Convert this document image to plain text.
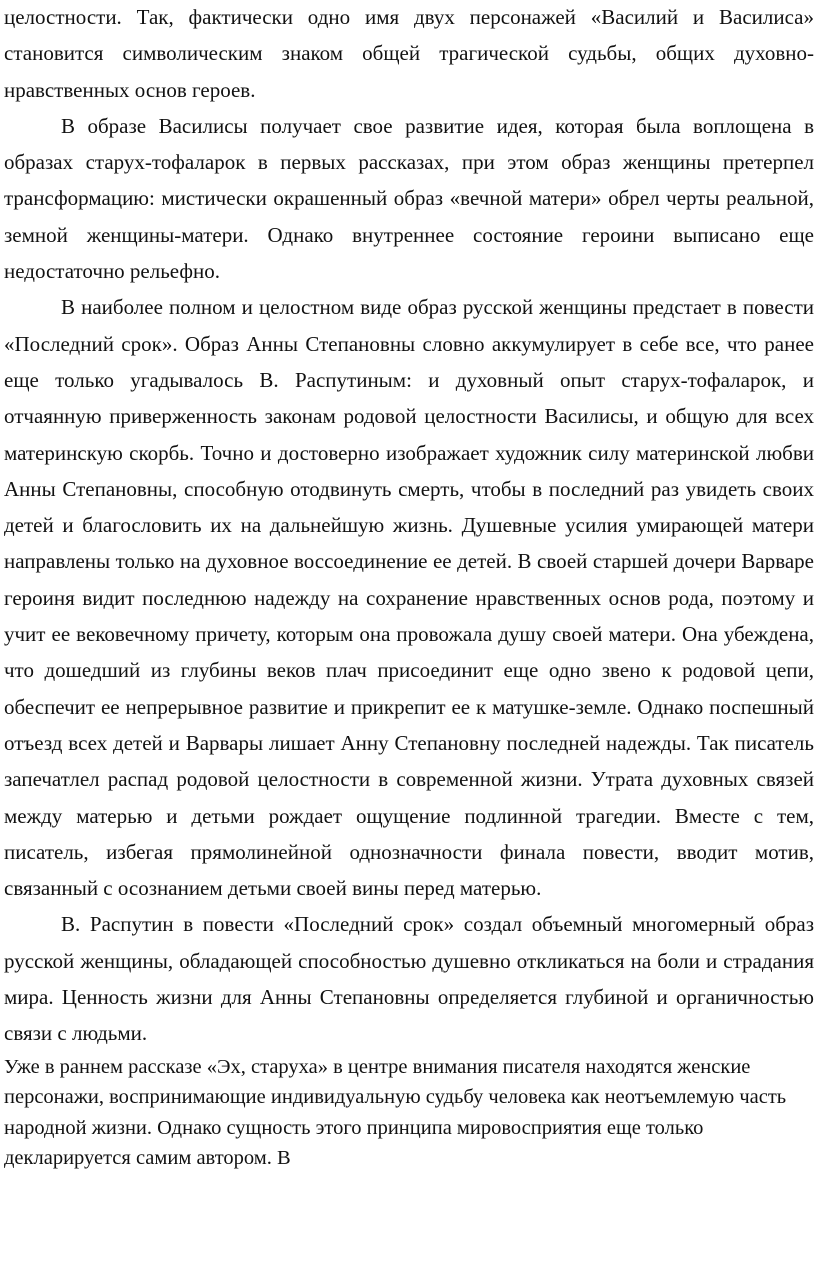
целостности. Так, фактически одно имя двух персонажей «Василий и Василиса» становится символическим знаком общей трагической судьбы, общих духовно-нравственных основ героев.

В образе Василисы получает свое развитие идея, которая была воплощена в образах старух-тофаларок в первых рассказах, при этом образ женщины претерпел трансформацию: мистически окрашенный образ «вечной матери» обрел черты реальной, земной женщины-матери. Однако внутреннее состояние героини выписано еще недостаточно рельефно.

В наиболее полном и целостном виде образ русской женщины предстает в повести «Последний срок». Образ Анны Степановны словно аккумулирует в себе все, что ранее еще только угадывалось В. Распутиным: и духовный опыт старух-тофаларок, и отчаянную приверженность законам родовой целостности Василисы, и общую для всех материнскую скорбь. Точно и достоверно изображает художник силу материнской любви Анны Степановны, способную отодвинуть смерть, чтобы в последний раз увидеть своих детей и благословить их на дальнейшую жизнь. Душевные усилия умирающей матери направлены только на духовное воссоединение ее детей. В своей старшей дочери Варваре героиня видит последнюю надежду на сохранение нравственных основ рода, поэтому и учит ее вековечному причету, которым она провожала душу своей матери. Она убеждена, что дошедший из глубины веков плач присоединит еще одно звено к родовой цепи, обеспечит ее непрерывное развитие и прикрепит ее к матушке-земле. Однако поспешный отъезд всех детей и Варвары лишает Анну Степановну последней надежды. Так писатель запечатлел распад родовой целостности в современной жизни. Утрата духовных связей между матерью и детьми рождает ощущение подлинной трагедии. Вместе с тем, писатель, избегая прямолинейной однозначности финала повести, вводит мотив, связанный с осознанием детьми своей вины перед матерью.

В. Распутин в повести «Последний срок» создал объемный многомерный образ русской женщины, обладающей способностью душевно откликаться на боли и страдания мира. Ценность жизни для Анны Степановны определяется глубиной и органичностью связи с людьми.

Уже в раннем рассказе «Эх, старуха» в центре внимания писателя находятся женские персонажи, воспринимающие индивидуальную судьбу человека как неотъемлемую часть народной жизни. Однако сущность этого принципа мировосприятия еще только декларируется самим автором. В
